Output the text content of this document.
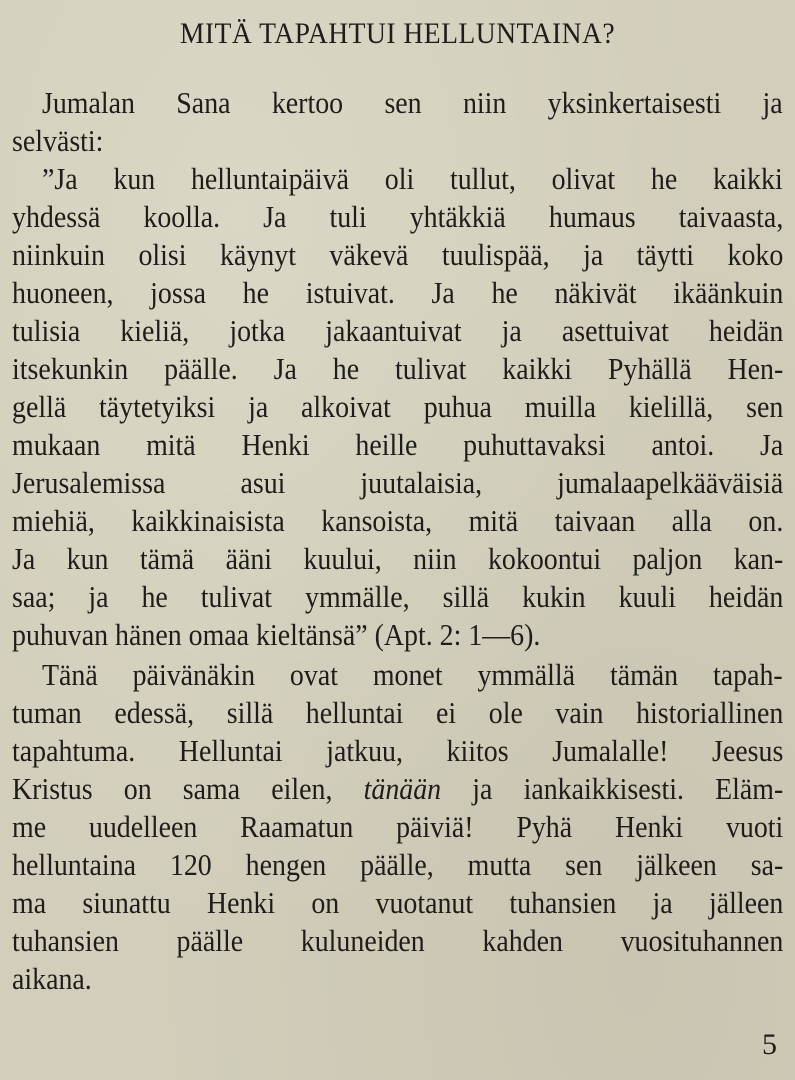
MITÄ TAPAHTUI HELLUNTAINA?
Jumalan Sana kertoo sen niin yksinkertaisesti ja
selvästi:
”Ja kun helluntaipäivä oli tullut, olivat he kaikki
yhdessä koolla. Ja tuli yhtäkkiä humaus taivaasta,
niinkuin olisi käynyt väkevä tuulispää, ja täytti koko
huoneen, jossa he istuivat. Ja he näkivät ikäänkuin
tulisia kieliä, jotka jakaantuivat ja asettuivat heidän
itsekunkin päälle. Ja he tulivat kaikki Pyhällä Hen-
gellä täytetyiksi ja alkoivat puhua muilla kielillä, sen
mukaan mitä Henki heille puhuttavaksi antoi. Ja
Jerusalemissa asui juutalaisia, jumalaapelkääväisiä
miehiä, kaikkinaisista kansoista, mitä taivaan alla on.
Ja kun tämä ääni kuului, niin kokoontui paljon kan-
saa; ja he tulivat ymmälle, sillä kukin kuuli heidän
puhuvan hänen omaa kieltänsä” (Apt. 2: 1—6).
Tänä päivänäkin ovat monet ymmällä tämän tapah-
tuman edessä, sillä helluntai ei ole vain historiallinen
tapahtuma. Helluntai jatkuu, kiitos Jumalalle! Jeesus
Kristus on sama eilen, tänään ja iankaikkisesti. Eläm-
me uudelleen Raamatun päiviä! Pyhä Henki vuoti
helluntaina 120 hengen päälle, mutta sen jälkeen sa-
ma siunattu Henki on vuotanut tuhansien ja jälleen
tuhansien päälle kuluneiden kahden vuosituhannen
aikana.
5
